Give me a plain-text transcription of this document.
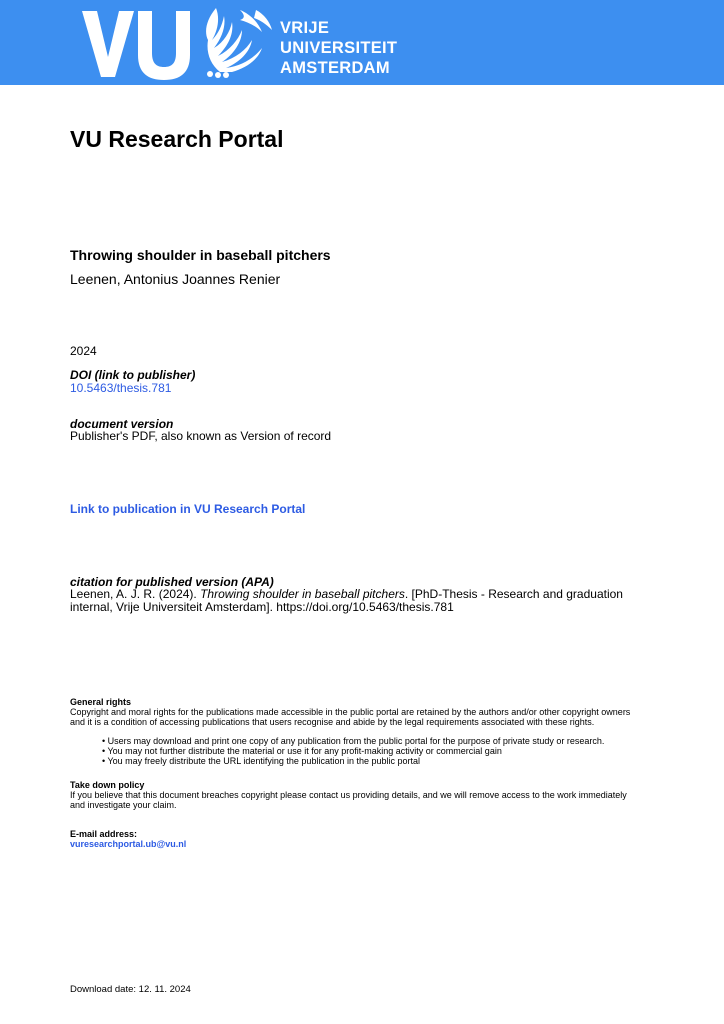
VRIJE
UNIVERSITEIT
AMSTERDAM
VU Research Portal
Throwing shoulder in baseball pitchers
Leenen, Antonius Joannes Renier
2024
DOI (link to publisher)
10.5463/thesis.781
document version
Publisher's PDF, also known as Version of record
Link to publication in VU Research Portal
citation for published version (APA)
Leenen, A. J. R. (2024). Throwing shoulder in baseball pitchers. [PhD-Thesis - Research and graduation
internal, Vrije Universiteit Amsterdam]. https://doi.org/10.5463/thesis.781
General rights
Copyright and moral rights for the publications made accessible in the public portal are retained by the authors and/or other copyright owners
and it is a condition of accessing publications that users recognise and abide by the legal requirements associated with these rights.
• Users may download and print one copy of any publication from the public portal for the purpose of private study or research.
• You may not further distribute the material or use it for any profit-making activity or commercial gain
• You may freely distribute the URL identifying the publication in the public portal
Take down policy
If you believe that this document breaches copyright please contact us providing details, and we will remove access to the work immediately
and investigate your claim.
E-mail address:
vuresearchportal.ub@vu.nl
Download date: 12. 11. 2024
